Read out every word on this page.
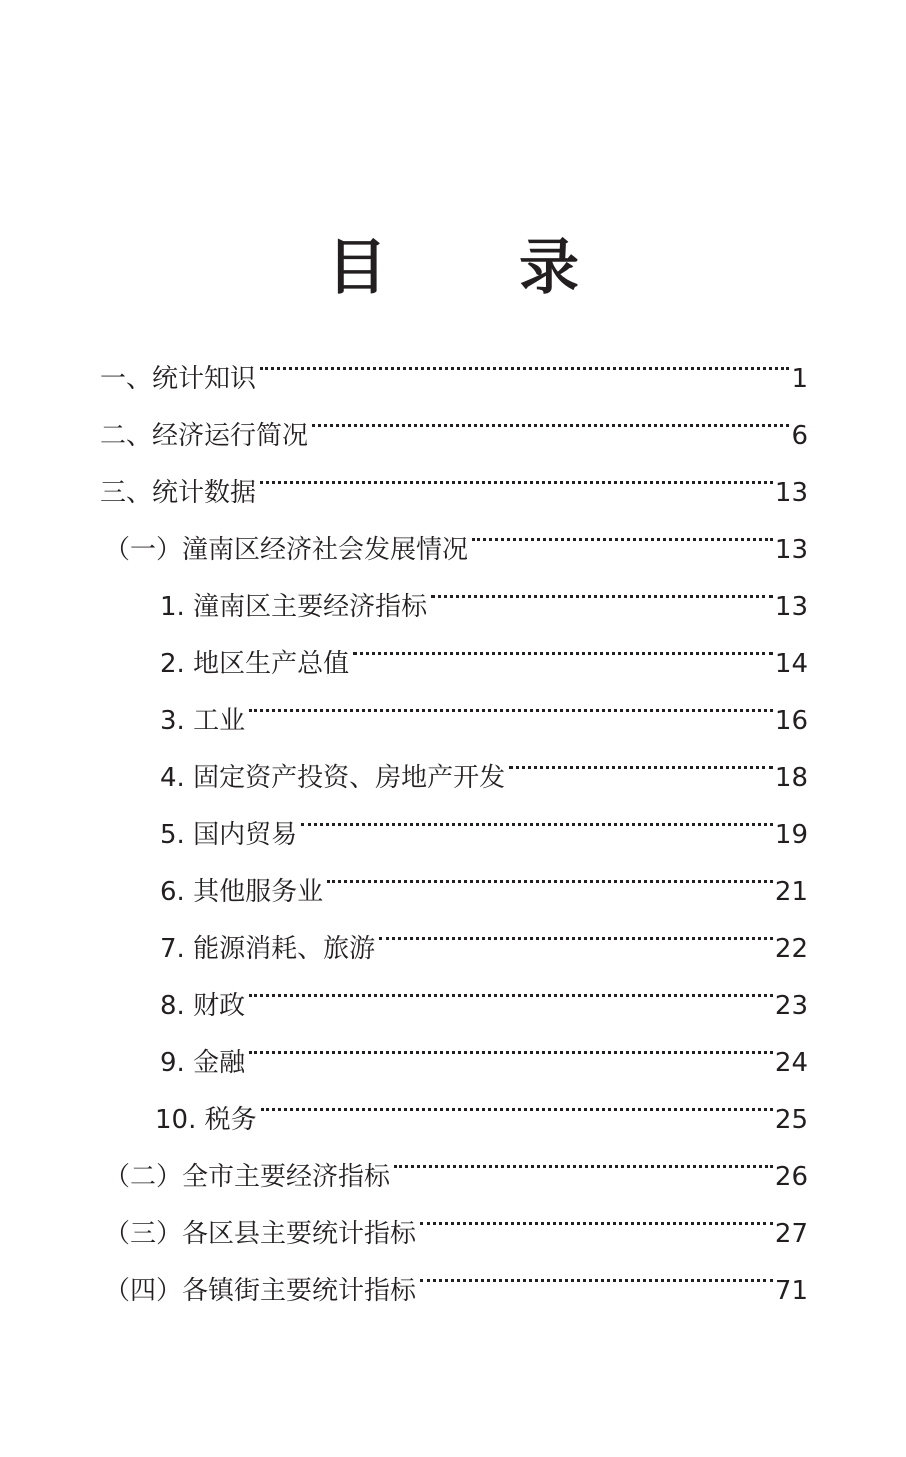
目　录
一、统计知识	1
二、经济运行简况	6
三、统计数据	13
（一）潼南区经济社会发展情况	13
1. 潼南区主要经济指标	13
2. 地区生产总值	14
3. 工业	16
4. 固定资产投资、房地产开发	18
5. 国内贸易	19
6. 其他服务业	21
7. 能源消耗、旅游	22
8. 财政	23
9. 金融	24
10. 税务	25
（二）全市主要经济指标	26
（三）各区县主要统计指标	27
（四）各镇街主要统计指标	71
